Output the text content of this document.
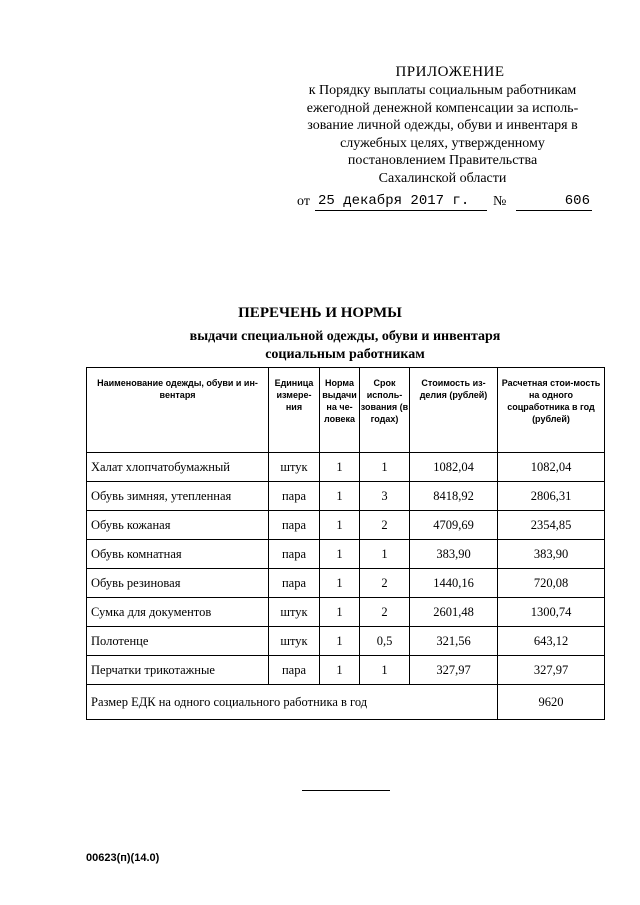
ПРИЛОЖЕНИЕ
к Порядку выплаты социальным работникам
ежегодной денежной компенсации за исполь-
зование личной одежды, обуви и инвентаря в
служебных целях, утвержденному
постановлением Правительства
Сахалинской области
от 25 декабря 2017 г.	№	606
ПЕРЕЧЕНЬ И НОРМЫ
выдачи специальной одежды, обуви и инвентаря
социальным работникам
Наименование одежды, обуви и ин-вентаря	Единица измере-ния	Норма выдачи на че-ловека	Срок исполь-зования (в годах)	Стоимость из-делия (рублей)	Расчетная стои-мость на одного соцработника в год (рублей)
Халат хлопчатобумажный	штук	1	1	1082,04	1082,04
Обувь зимняя, утепленная	пара	1	3	8418,92	2806,31
Обувь кожаная	пара	1	2	4709,69	2354,85
Обувь комнатная	пара	1	1	383,90	383,90
Обувь резиновая	пара	1	2	1440,16	720,08
Сумка для документов	штук	1	2	2601,48	1300,74
Полотенце	штук	1	0,5	321,56	643,12
Перчатки трикотажные	пара	1	1	327,97	327,97
Размер ЕДК на одного социального работника в год					9620
00623(п)(14.0)
